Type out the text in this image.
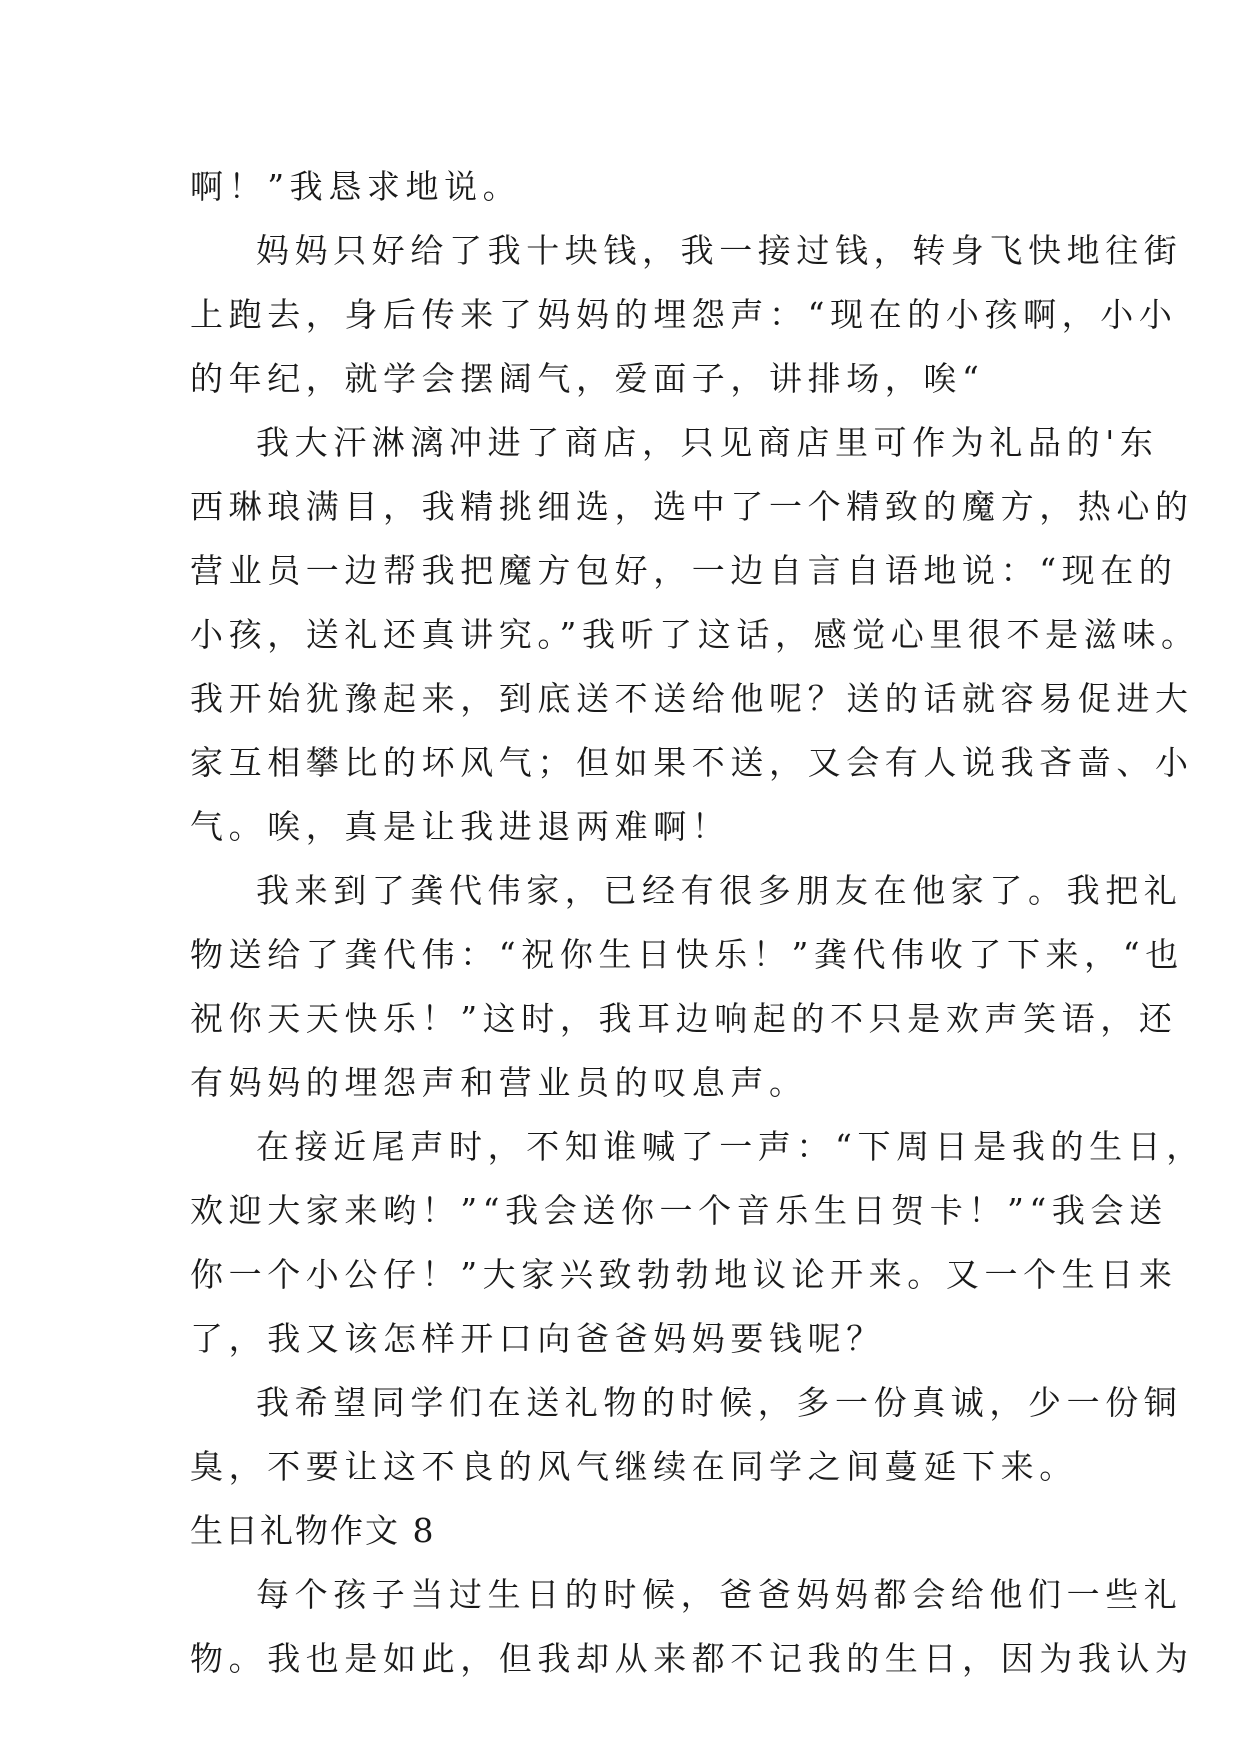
啊！”我恳求地说。
妈妈只好给了我十块钱，我一接过钱，转身飞快地往街
上跑去，身后传来了妈妈的埋怨声：“现在的小孩啊，小小
的年纪，就学会摆阔气，爱面子，讲排场，唉“
我大汗淋漓冲进了商店，只见商店里可作为礼品的'东
西琳琅满目，我精挑细选，选中了一个精致的魔方，热心的
营业员一边帮我把魔方包好，一边自言自语地说：“现在的
小孩，送礼还真讲究。”我听了这话，感觉心里很不是滋味。
我开始犹豫起来，到底送不送给他呢？送的话就容易促进大
家互相攀比的坏风气；但如果不送，又会有人说我吝啬、小
气。唉，真是让我进退两难啊！
我来到了龚代伟家，已经有很多朋友在他家了。我把礼
物送给了龚代伟：“祝你生日快乐！”龚代伟收了下来，“也
祝你天天快乐！”这时，我耳边响起的不只是欢声笑语，还
有妈妈的埋怨声和营业员的叹息声。
在接近尾声时，不知谁喊了一声：“下周日是我的生日，
欢迎大家来哟！”“我会送你一个音乐生日贺卡！”“我会送
你一个小公仔！”大家兴致勃勃地议论开来。又一个生日来
了，我又该怎样开口向爸爸妈妈要钱呢？
我希望同学们在送礼物的时候，多一份真诚，少一份铜
臭，不要让这不良的风气继续在同学之间蔓延下来。
生日礼物作文 8
每个孩子当过生日的时候，爸爸妈妈都会给他们一些礼
物。我也是如此，但我却从来都不记我的生日，因为我认为
